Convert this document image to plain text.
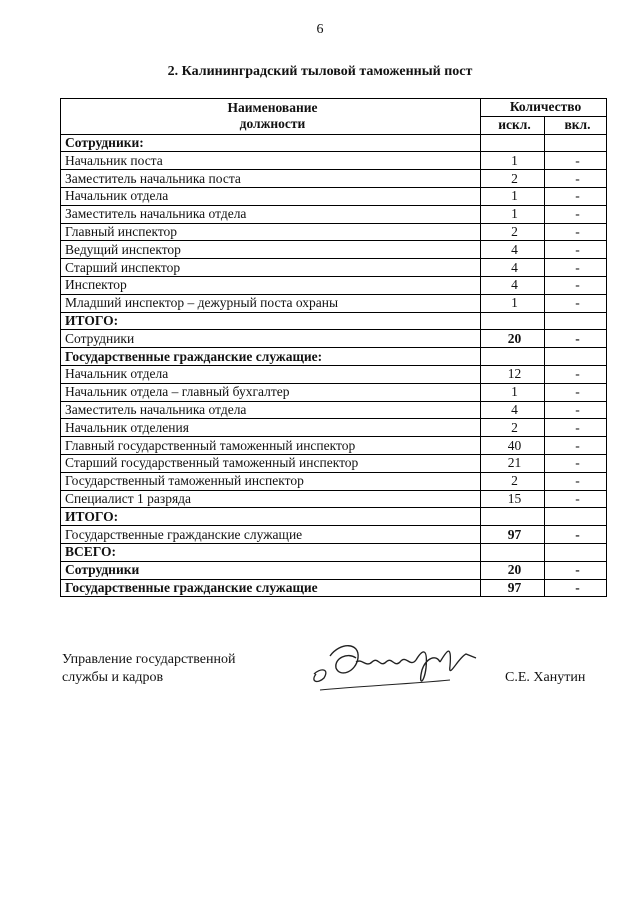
6
2. Калининградский тыловой таможенный пост
Наименование
должности	Количество	
	искл.	вкл.
Сотрудники:		
Начальник поста	1	-
Заместитель начальника поста	2	-
Начальник отдела	1	-
Заместитель начальника отдела	1	-
Главный инспектор	2	-
Ведущий инспектор	4	-
Старший инспектор	4	-
Инспектор	4	-
Младший инспектор – дежурный поста охраны	1	-
ИТОГО:		
Сотрудники	20	-
Государственные гражданские служащие:		
Начальник отдела	12	-
Начальник отдела – главный бухгалтер	1	-
Заместитель начальника отдела	4	-
Начальник отделения	2	-
Главный государственный таможенный инспектор	40	-
Старший государственный таможенный инспектор	21	-
Государственный таможенный инспектор	2	-
Специалист 1 разряда	15	-
ИТОГО:		
Государственные гражданские служащие	97	-
ВСЕГО:		
Сотрудники	20	-
Государственные гражданские служащие	97	-
Управление государственной
службы и кадров	С.Е. Ханутин
